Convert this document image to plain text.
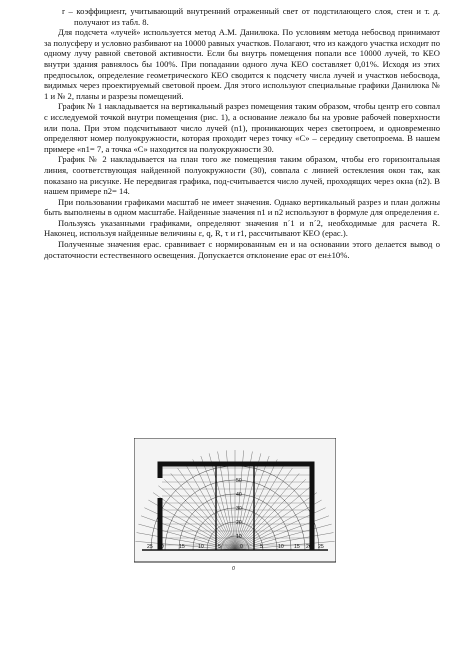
r – коэффициент, учитывающий внутренний отраженный свет от подстилающего слоя, стен и т. д. получают из табл. 8.

Для подсчета «лучей» используется метод А.М. Данилюка. По условиям метода небосвод принимают за полусферу и условно разбивают на 10000 равных участков. Полагают, что из каждого участка исходит по одному лучу равной световой активности. Если бы внутрь помещения попали все 10000 лучей, то КЕО внутри здания равнялось бы 100%. При попадании одного луча КЕО составляет 0,01%. Исходя из этих предпосылок, определение геометрического КЕО сводится к подсчету числа лучей и участков небосвода, видимых через проектируемый световой проем. Для этого используют специальные графики Данилюка № 1 и № 2, планы и разрезы помещений.

График № 1 накладывается на вертикальный разрез помещения таким образом, чтобы центр его совпал с исследуемой точкой внутри помещения (рис. 1), а основание лежало бы на уровне рабочей поверхности или пола. При этом подсчитывают число лучей (n1), проникающих через светопроем, и одновременно определяют номер полуокружности, которая проходит через точку «С» – середину светопроема. В нашем примере «n1= 7, а точка «С» находится на полуокружности 30.

График № 2 накладывается на план того же помещения таким образом, чтобы его горизонтальная линия, соответствующая найденной полуокружности (30), совпала с линией остекления окон так, как показано на рисунке. Не передвигая графика, под-считывается число лучей, проходящих через окна (n2). В нашем примере n2= 14.

При пользовании графиками масштаб не имеет значения. Однако вертикальный разрез и план должны быть выполнены в одном масштабе. Найденные значения n1 и n2 используют в формуле для определения ε.

Пользуясь указанными графиками, определяют значения n´1 и n´2, необходимые для расчета R. Наконец, используя найденные величины ε, q, R, τ и r1, рассчитывают КЕО (eрас.).

Полученные значения eрас. сравнивает с нормированным eн и на основании этого делается вывод о достаточности естественного освещения. Допускается отклонение eрас от eн±10%.

25 20	15	10	5	0	5	10 15 20 25
50
40
30
20
10
0
